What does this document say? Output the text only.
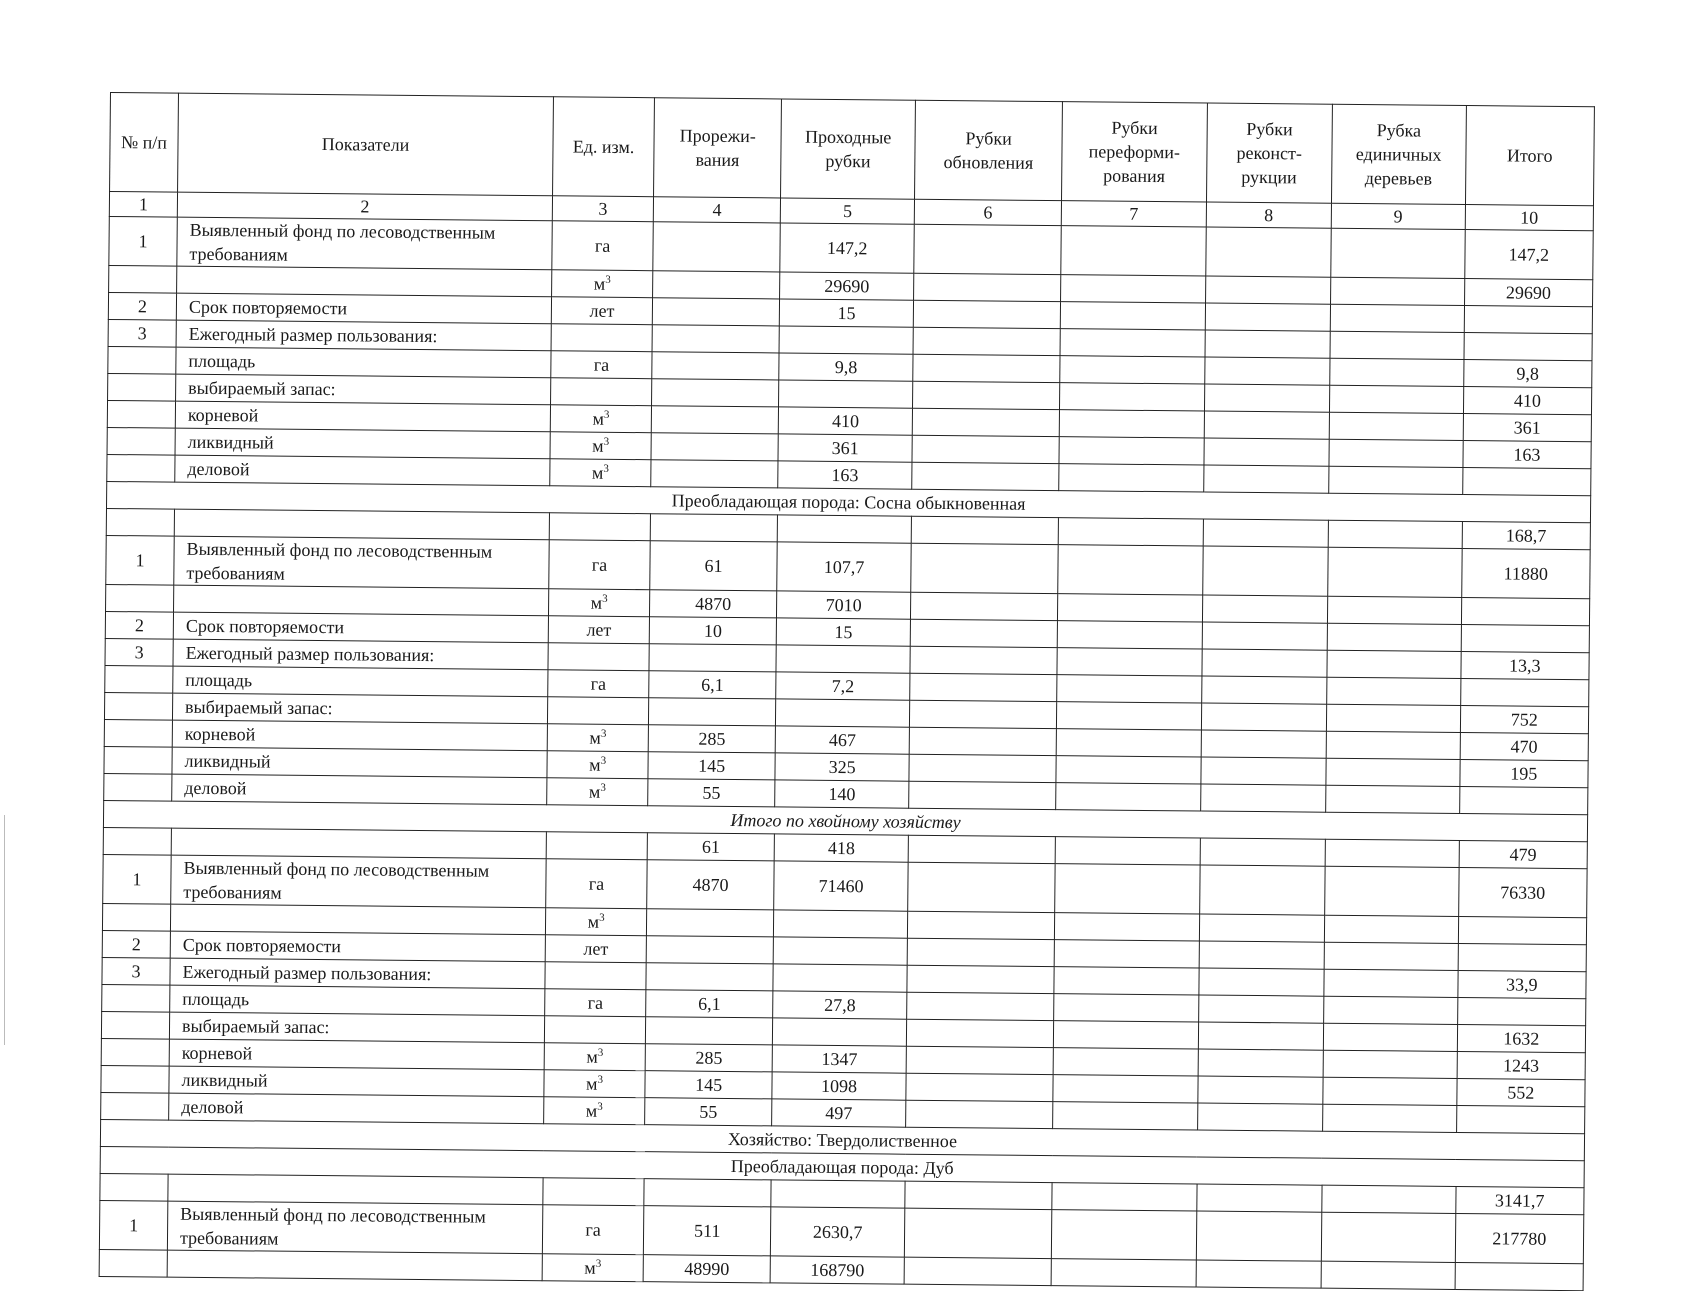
№ п/п	Показатели	Ед. изм.	Прорежи-вания	Проходные рубки	Рубки обновления	Рубки переформи-рования	Рубки реконст-рукции	Рубка единичных деревьев	Итого
1	2	3	4	5	6	7	8	9	10
1	Выявленный фонд по лесоводственным требованиям	га		147,2					147,2
		$м^3$		29690					29690
2	Срок повторяемости	лет		15					
3	Ежегодный размер пользования:								
	площадь	га		9,8					9,8
	выбираемый запас:								410
	корневой	$м^3$		410					361
	ликвидный	$м^3$		361					163
	деловой	$м^3$		163					
Преобладающая порода: Сосна обыкновенная									
									168,7
1	Выявленный фонд по лесоводственным требованиям	га	61	107,7					11880
		$м^3$	4870	7010					
2	Срок повторяемости	лет	10	15					
3	Ежегодный размер пользования:								13,3
	площадь	га	6,1	7,2					
	выбираемый запас:								752
	корневой	$м^3$	285	467					470
	ликвидный	$м^3$	145	325					195
	деловой	$м^3$	55	140					
Итого по хвойному хозяйству									
			61	418					479
1	Выявленный фонд по лесоводственным требованиям	га	4870	71460					76330
		$м^3$							
2	Срок повторяемости	лет							
3	Ежегодный размер пользования:								33,9
	площадь	га	6,1	27,8					
	выбираемый запас:								1632
	корневой	$м^3$	285	1347					1243
	ликвидный	$м^3$	145	1098					552
	деловой	$м^3$	55	497					
Хозяйство: Твердолиственное									
Преобладающая порода: Дуб									
									3141,7
1	Выявленный фонд по лесоводственным требованиям	га	511	2630,7					217780
		$м^3$	48990	168790					
